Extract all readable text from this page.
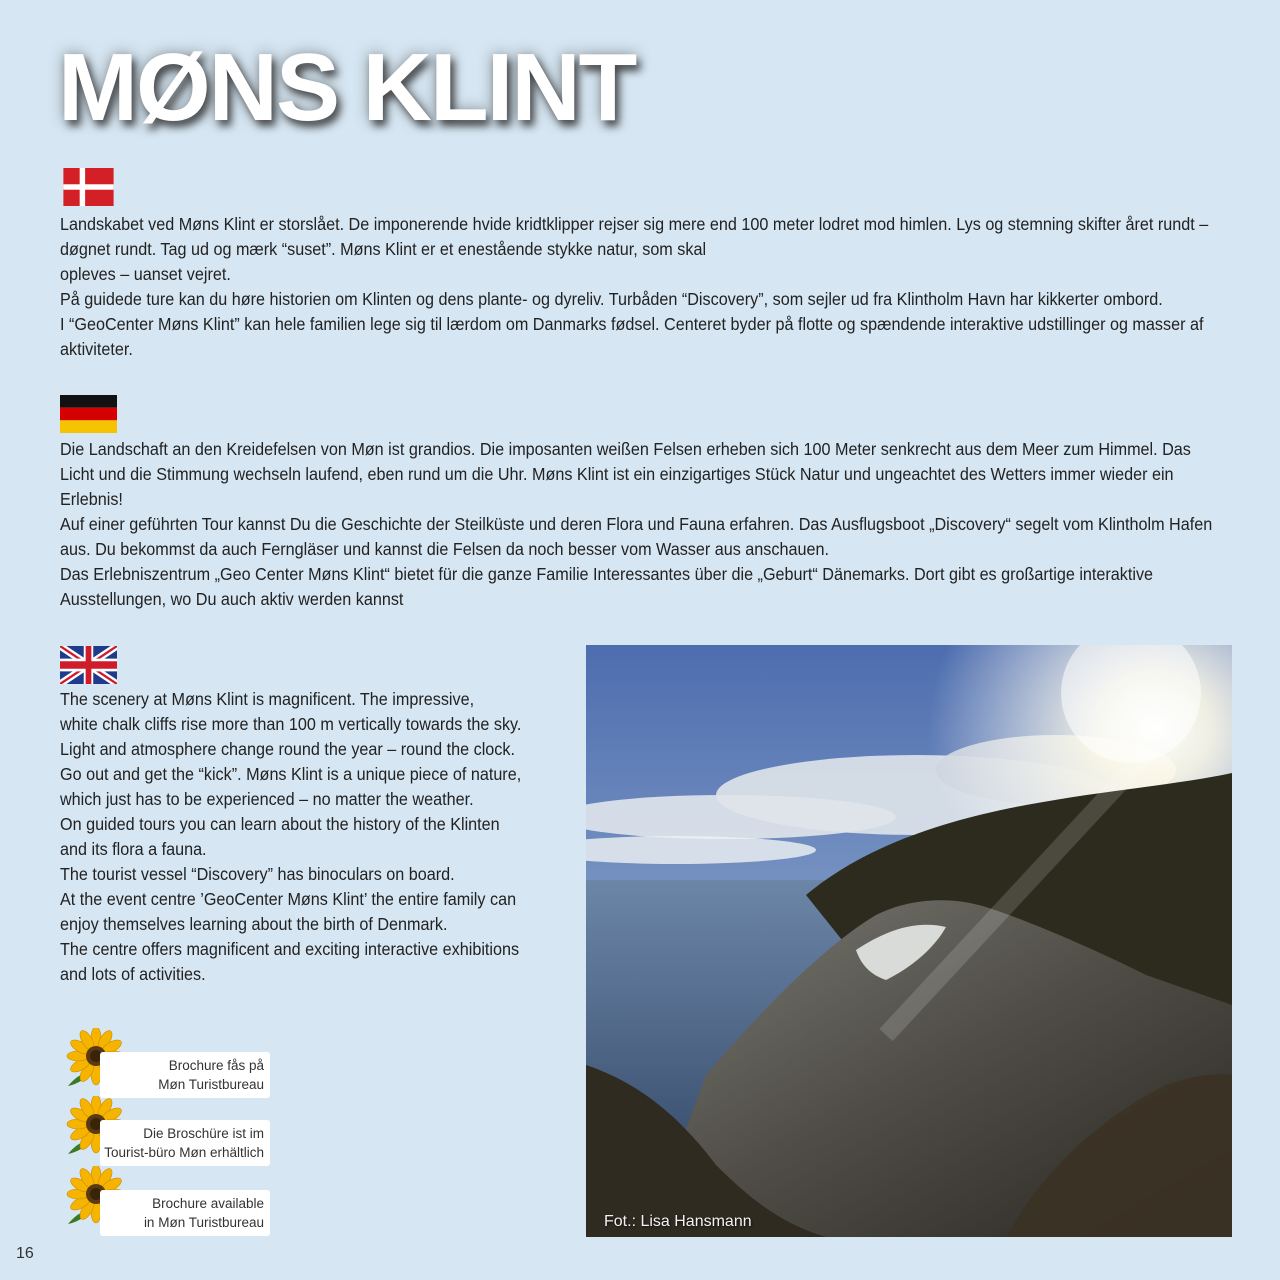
MØNS KLINT

Landskabet ved Møns Klint er storslået. De imponerende hvide kridtklipper rejser sig mere end 100 meter lodret mod himlen. Lys og stemning skifter året rundt – døgnet rundt. Tag ud og mærk “suset”. Møns Klint er et enestående stykke natur, som skal

opleves – uanset vejret.

På guidede ture kan du høre historien om Klinten og dens plante- og dyreliv. Turbåden “Discovery”, som sejler ud fra Klintholm Havn har kikkerter ombord.

I “GeoCenter Møns Klint” kan hele familien lege sig til lærdom om Danmarks fødsel. Centeret byder på flotte og spændende interaktive udstillinger og masser af aktiviteter.

Die Landschaft an den Kreidefelsen von Møn ist grandios. Die imposanten weißen Felsen erheben sich 100 Meter senkrecht aus dem Meer zum Himmel. Das Licht und die Stimmung wechseln laufend, eben rund um die Uhr. Møns Klint ist ein einzigartiges Stück Natur und ungeachtet des Wetters immer wieder ein Erlebnis!

Auf einer geführten Tour kannst Du die Geschichte der Steilküste und deren Flora und Fauna erfahren. Das Ausflugsboot „Discovery“ segelt vom Klintholm Hafen aus. Du bekommst da auch Ferngläser und kannst die Felsen da noch besser vom Wasser aus anschauen.

Das Erlebniszentrum „Geo Center Møns Klint“ bietet für die ganze Familie Interessantes über die „Geburt“ Dänemarks. Dort gibt es großartige interaktive Ausstellungen, wo Du auch aktiv werden kannst

The scenery at Møns Klint is magnificent. The impressive,

white chalk cliffs rise more than 100 m vertically towards the sky.

Light and atmosphere change round the year – round the clock.

Go out and get the “kick”. Møns Klint is a unique piece of nature,

which just has to be experienced – no matter the weather.

On guided tours you can learn about the history of the Klinten

and its flora a fauna.

The tourist vessel “Discovery” has binoculars on board.

At the event centre ’GeoCenter Møns Klint’ the entire family can

enjoy themselves learning about the birth of Denmark.

The centre offers magnificent and exciting interactive exhibitions

and lots of activities.

Fot.: Lisa Hansmann
Brochure fås på
Møn Turistbureau
Die Broschüre ist im
Tourist-büro Møn erhältlich
Brochure available
in Møn Turistbureau
16
